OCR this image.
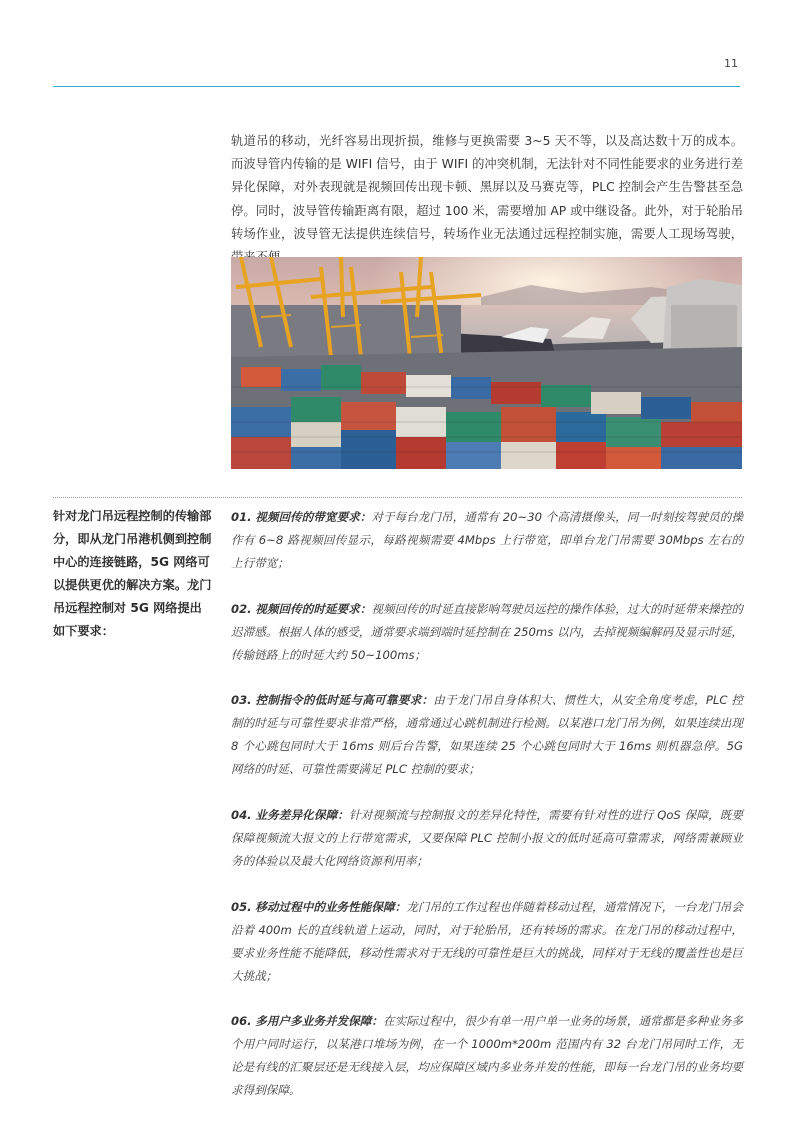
11

轨道吊的移动，光纤容易出现折损，维修与更换需要 3~5 天不等，以及高达数十万的成本。而波导管内传输的是 WIFI 信号，由于 WIFI 的冲突机制，无法针对不同性能要求的业务进行差异化保障，对外表现就是视频回传出现卡顿、黑屏以及马赛克等，PLC 控制会产生告警甚至急停。同时，波导管传输距离有限，超过 100 米，需要增加 AP 或中继设备。此外，对于轮胎吊转场作业，波导管无法提供连续信号，转场作业无法通过远程控制实施，需要人工现场驾驶，

针对龙门吊远程控制的传输部分，即从龙门吊港机侧到控制中心的连接链路，5G 网络可以提供更优的解决方案。龙门吊远程控制对 5G 网络提出如下要求：

01. 视频回传的带宽要求：对于每台龙门吊，通常有 20~30 个高清摄像头，同一时刻按驾驶员的操作有 6~8 路视频回传显示，每路视频需要 4Mbps 上行带宽，即单台龙门吊需要 30Mbps 左右的上行带宽；

02. 视频回传的时延要求：视频回传的时延直接影响驾驶员远控的操作体验，过大的时延带来操控的迟滞感。根据人体的感受，通常要求端到端时延控制在 250ms 以内，去掉视频编解码及显示时延，传输链路上的时延大约 50~100ms；

03. 控制指令的低时延与高可靠要求：由于龙门吊自身体积大、惯性大，从安全角度考虑，PLC 控制的时延与可靠性要求非常严格，通常通过心跳机制进行检测。以某港口龙门吊为例，如果连续出现 8 个心跳包同时大于 16ms 则后台告警，如果连续 25 个心跳包同时大于 16ms 则机器急停。5G 网络的时延、可靠性需要满足 PLC 控制的要求；

04. 业务差异化保障：针对视频流与控制报文的差异化特性，需要有针对性的进行 QoS 保障，既要保障视频流大报文的上行带宽需求，又要保障 PLC 控制小报文的低时延高可靠需求，网络需兼顾业务的体验以及最大化网络资源利用率；

05. 移动过程中的业务性能保障：龙门吊的工作过程也伴随着移动过程，通常情况下，一台龙门吊会沿着 400m 长的直线轨道上运动，同时，对于轮胎吊，还有转场的需求。在龙门吊的移动过程中，要求业务性能不能降低，移动性需求对于无线的可靠性是巨大的挑战，同样对于无线的覆盖性也是巨大挑战；

06. 多用户多业务并发保障：在实际过程中，很少有单一用户单一业务的场景，通常都是多种业务多个用户同时运行，以某港口堆场为例，在一个 1000m*200m 范围内有 32 台龙门吊同时工作，无论是有线的汇聚层还是无线接入层，均应保障区域内多业务并发的性能，即每一台龙门吊的业务均要求得到保障。
